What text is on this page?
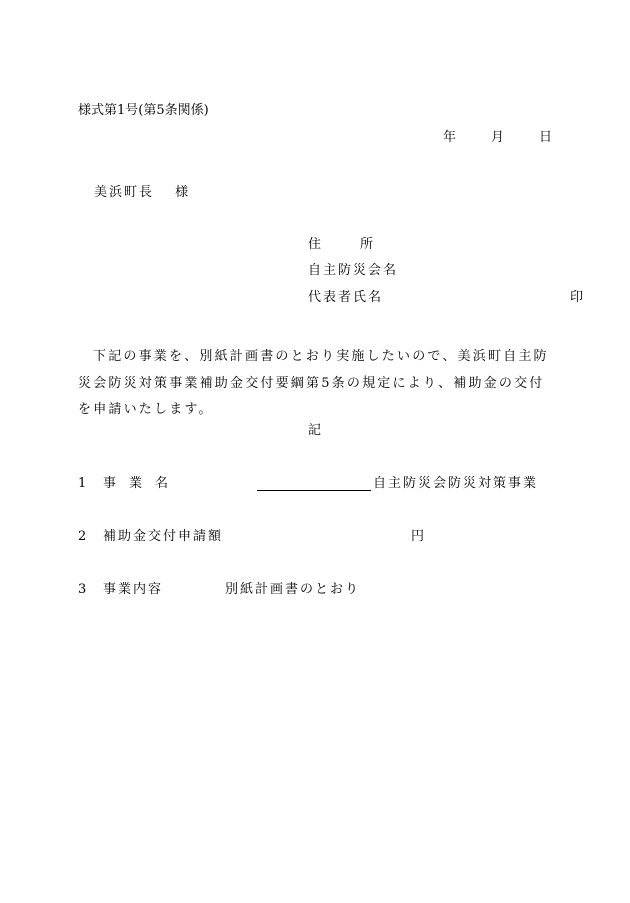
様式第1号(第5条関係)
年	月	日
美浜町長　 様
住　　　所
自主防災会名
代表者氏名	印
下記の事業を、別紙計画書のとおり実施したいので、美浜町自主防
災会防災対策事業補助金交付要綱第5条の規定により、補助金の交付
を申請いたします。
記
1 事　業　名	自主防災会防災対策事業
2 補助金交付申請額	円
3 事業内容	別紙計画書のとおり
